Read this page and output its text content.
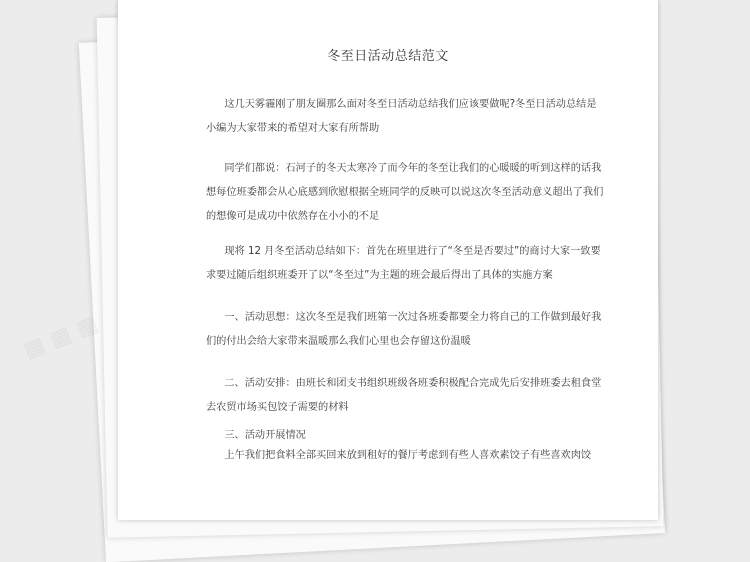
▦ ▦ ▦
冬至日活动总结范文

这几天雾霾刚了朋友圈那么面对冬至日活动总结我们应该要做呢?冬至日活动总结是小编为大家带来的希望对大家有所帮助

同学们都说：石河子的冬天太寒冷了而今年的冬至让我们的心暖暖的听到这样的话我想每位班委都会从心底感到欣慰根据全班同学的反映可以说这次冬至活动意义超出了我们的想像可是成功中依然存在小小的不足

现将 12 月冬至活动总结如下：首先在班里进行了“冬至是否要过”的商讨大家一致要求要过随后组织班委开了以“冬至过”为主题的班会最后得出了具体的实施方案

一、活动思想：这次冬至是我们班第一次过各班委都要全力将自己的工作做到最好我们的付出会给大家带来温暖那么我们心里也会存留这份温暖

二、活动安排：由班长和团支书组织班级各班委积极配合完成先后安排班委去租食堂去农贸市场买包饺子需要的材料

三、活动开展情况

上午我们把食料全部买回来放到租好的餐厅考虑到有些人喜欢素饺子有些喜欢肉饺
